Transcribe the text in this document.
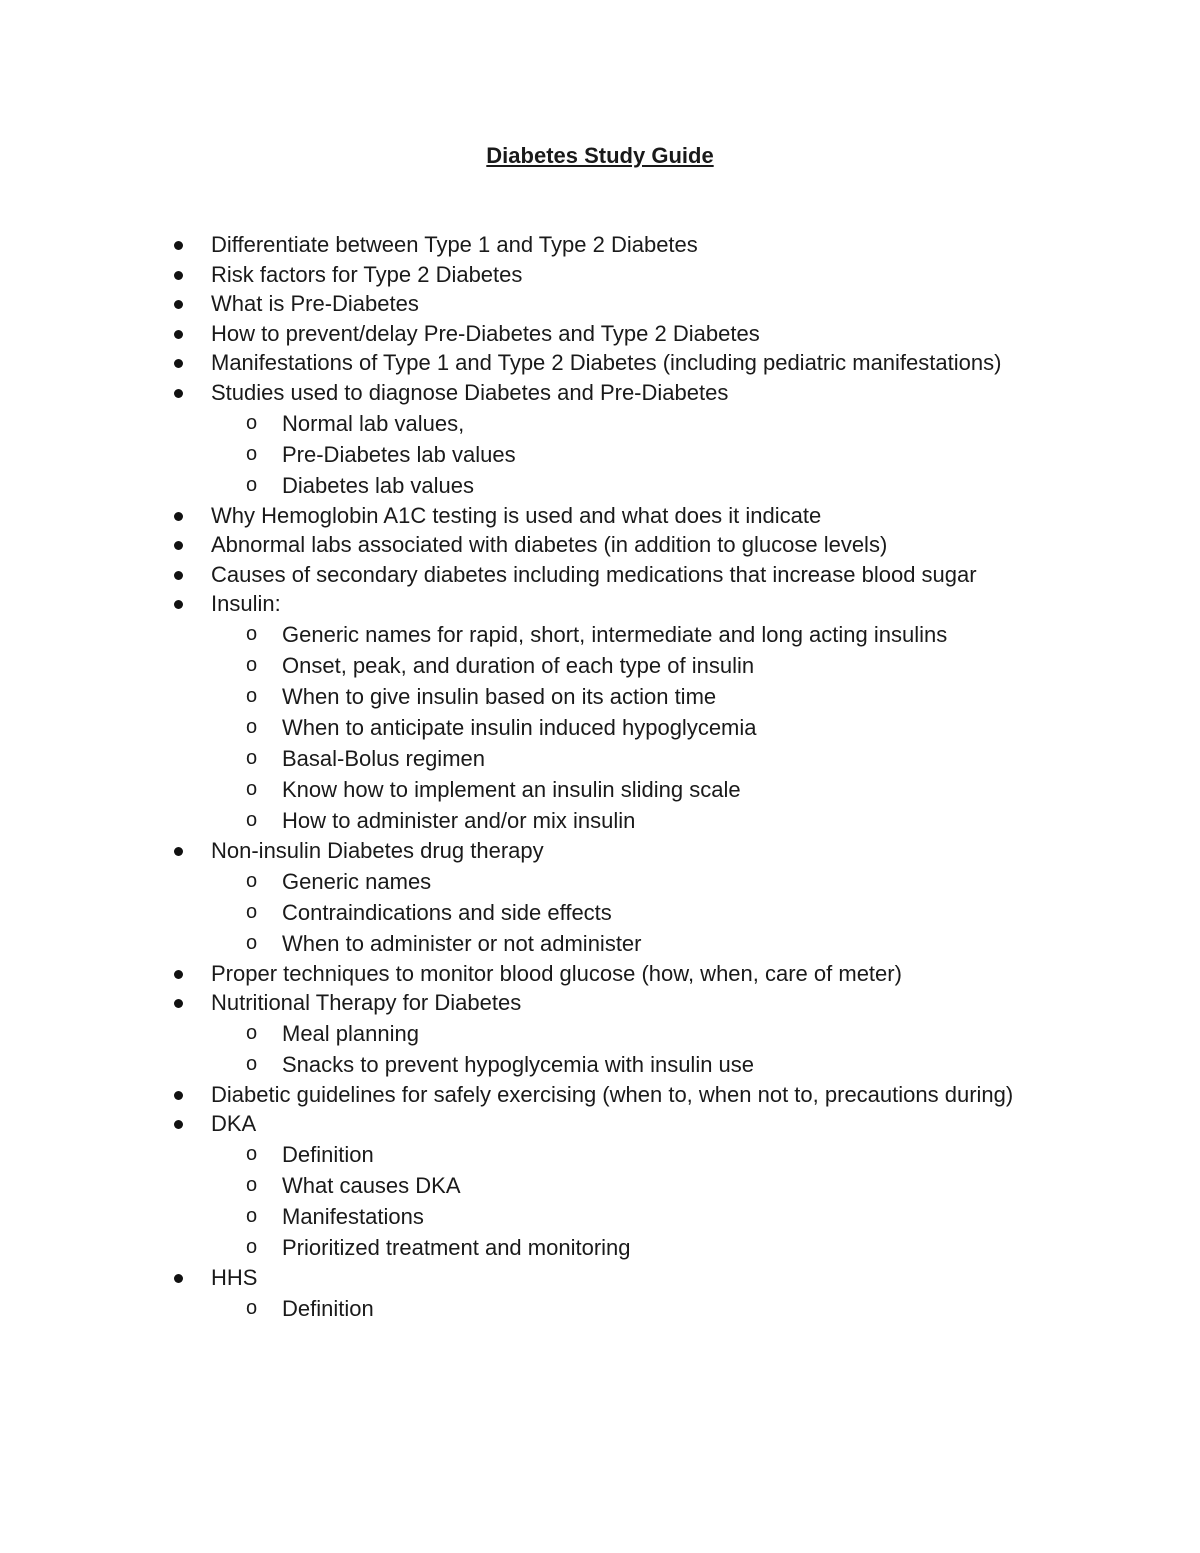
Diabetes Study Guide
Differentiate between Type 1 and Type 2 Diabetes
Risk factors for Type 2 Diabetes
What is Pre-Diabetes
How to prevent/delay Pre-Diabetes and Type 2 Diabetes
Manifestations of Type 1 and Type 2 Diabetes (including pediatric manifestations)
Studies used to diagnose Diabetes and Pre-Diabetes
o Normal lab values,
o Pre-Diabetes lab values
o Diabetes lab values
Why Hemoglobin A1C testing is used and what does it indicate
Abnormal labs associated with diabetes (in addition to glucose levels)
Causes of secondary diabetes including medications that increase blood sugar
Insulin:
o Generic names for rapid, short, intermediate and long acting insulins
o Onset, peak, and duration of each type of insulin
o When to give insulin based on its action time
o When to anticipate insulin induced hypoglycemia
o Basal-Bolus regimen
o Know how to implement an insulin sliding scale
o How to administer and/or mix insulin
Non-insulin Diabetes drug therapy
o Generic names
o Contraindications and side effects
o When to administer or not administer
Proper techniques to monitor blood glucose (how, when, care of meter)
Nutritional Therapy for Diabetes
o Meal planning
o Snacks to prevent hypoglycemia with insulin use
Diabetic guidelines for safely exercising (when to, when not to, precautions during)
DKA
o Definition
o What causes DKA
o Manifestations
o Prioritized treatment and monitoring
HHS
o Definition
